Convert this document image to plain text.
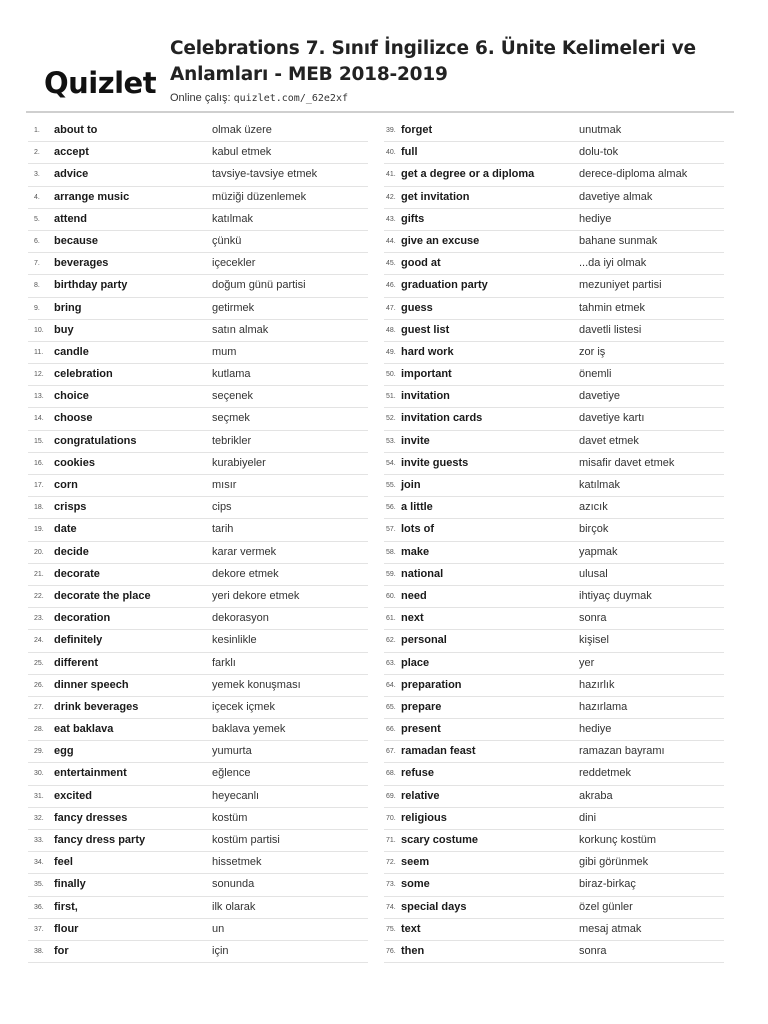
Quizlet
Celebrations 7. Sınıf İngilizce 6. Ünite Kelimeleri ve Anlamları - MEB 2018-2019
Online çalış: quizlet.com/_62e2xf
1. about to	olmak üzere
2. accept	kabul etmek
3. advice	tavsiye-tavsiye etmek
4. arrange music	müziği düzenlemek
5. attend	katılmak
6. because	çünkü
7. beverages	içecekler
8. birthday party	doğum günü partisi
9. bring	getirmek
10. buy	satın almak
11. candle	mum
12. celebration	kutlama
13. choice	seçenek
14. choose	seçmek
15. congratulations	tebrikler
16. cookies	kurabiyeler
17. corn	mısır
18. crisps	cips
19. date	tarih
20. decide	karar vermek
21. decorate	dekore etmek
22. decorate the place	yeri dekore etmek
23. decoration	dekorasyon
24. definitely	kesinlikle
25. different	farklı
26. dinner speech	yemek konuşması
27. drink beverages	içecek içmek
28. eat baklava	baklava yemek
29. egg	yumurta
30. entertainment	eğlence
31. excited	heyecanlı
32. fancy dresses	kostüm
33. fancy dress party	kostüm partisi
34. feel	hissetmek
35. finally	sonunda
36. first,	ilk olarak
37. flour	un
38. for	için
39. forget	unutmak
40. full	dolu-tok
41. get a degree or a diploma	derece-diploma almak
42. get invitation	davetiye almak
43. gifts	hediye
44. give an excuse	bahane sunmak
45. good at	...da iyi olmak
46. graduation party	mezuniyet partisi
47. guess	tahmin etmek
48. guest list	davetli listesi
49. hard work	zor iş
50. important	önemli
51. invitation	davetiye
52. invitation cards	davetiye kartı
53. invite	davet etmek
54. invite guests	misafir davet etmek
55. join	katılmak
56. a little	azıcık
57. lots of	birçok
58. make	yapmak
59. national	ulusal
60. need	ihtiyaç duymak
61. next	sonra
62. personal	kişisel
63. place	yer
64. preparation	hazırlık
65. prepare	hazırlama
66. present	hediye
67. ramadan feast	ramazan bayramı
68. refuse	reddetmek
69. relative	akraba
70. religious	dini
71. scary costume	korkunç kostüm
72. seem	gibi görünmek
73. some	biraz-birkaç
74. special days	özel günler
75. text	mesaj atmak
76. then	sonra
